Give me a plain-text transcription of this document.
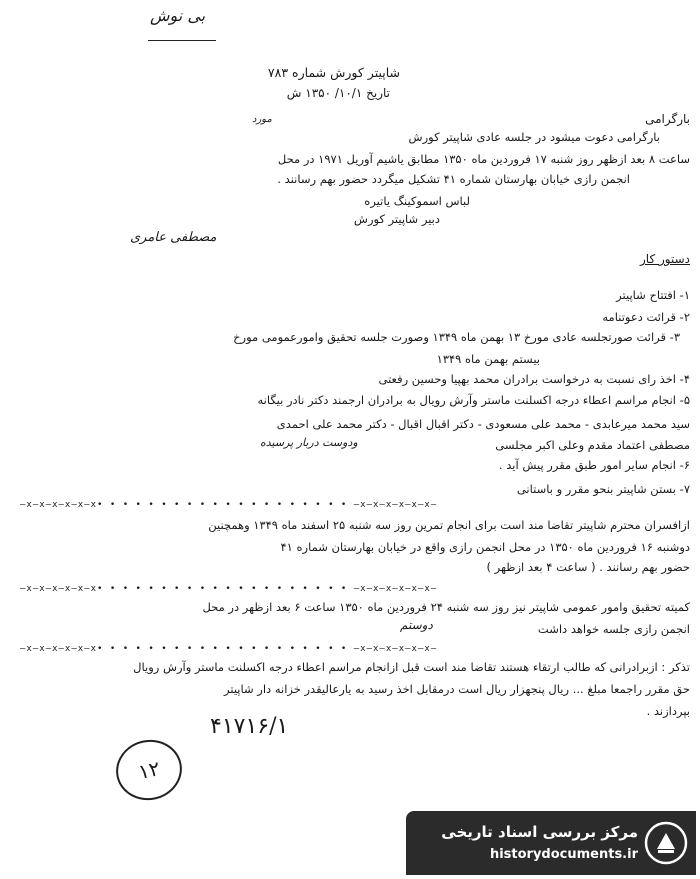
بی نوش
شاپیتر کورش شماره ۷۸۳
تاریخ ۱۰/۱/ ۱۳۵۰ ش
مورد	بارگرامی
بارگرامی دعوت میشود در جلسه عادی شاپیتر کورش
ساعت ۸ بعد ازظهر روز شنبه ۱۷ فروردین ماه ۱۳۵۰ مطابق یاشیم آوریل ۱۹۷۱ در محل
انجمن رازی خیابان بهارستان شماره ۴۱ تشکیل میگردد حضور بهم رسانند .
لباس اسموکینگ یاتیره
دبیر شاپیتر کورش
مصطفی عامری
دستور کار
۱- افتتاح شاپیتر
۲- قرائت دعوتنامه
۳- قرائت صورتجلسه عادی مورخ ۱۳ بهمن ماه ۱۳۴۹ وصورت جلسه تحقیق وامورعمومی مورخ
بیستم بهمن ماه ۱۳۴۹
۴- اخذ رای نسبت به درخواست برادران محمد بهپیا وحسین رفعتی
۵- انجام مراسم اعطاء درجه اکسلنت ماستر وآرش رویال به برادران ارجمند دکتر نادر بیگانه
سید محمد میرعابدی - محمد علی مسعودی - دکتر اقبال اقبال - دکتر محمد علی احمدی
مصطفی اعتماد مقدم وعلی اکبر مجلسی
ودوست دربار پرسیده
۶- انجام سایر امور طبق مقرر پیش آید .
۷- بستن شاپیتر بنحو مقرر و باستانی
—x—x—x—x—x—x• • • • • • • • • • • • • • • • • • • • —x—x—x—x—x—x—
ازافسران محترم شاپیتر تقاضا مند است برای انجام تمرین روز سه شنبه ۲۵ اسفند ماه ۱۳۴۹ وهمچنین
دوشنبه ۱۶ فروردین ماه ۱۳۵۰ در محل انجمن رازی واقع در خیابان بهارستان شماره ۴۱
حضور بهم رسانند . ( ساعت ۴ بعد ازظهر )
—x—x—x—x—x—x• • • • • • • • • • • • • • • • • • • • —x—x—x—x—x—x—
کمیته تحقیق وامور عمومی شاپیتر نیز روز سه شنبه ۲۴ فروردین ماه ۱۳۵۰ ساعت ۶ بعد ازظهر در محل
انجمن رازی جلسه خواهد داشت
دوستم
—x—x—x—x—x—x• • • • • • • • • • • • • • • • • • • • —x—x—x—x—x—x—
تذکر : ازبرادرانی که طالب ارتقاء هستند تقاضا مند است قبل ازانجام مراسم اعطاء درجه اکسلنت ماستر وآرش رویال
حق مقرر راجمعا مبلغ ... ریال پنجهزار ریال است درمقابل اخذ رسید به یارعالیقدر خزانه دار شاپیتر
بپردازند .
۴۱۷۱۶/۱
۱۲
مرکز بررسی اسناد تاریخی
historydocuments.ir
